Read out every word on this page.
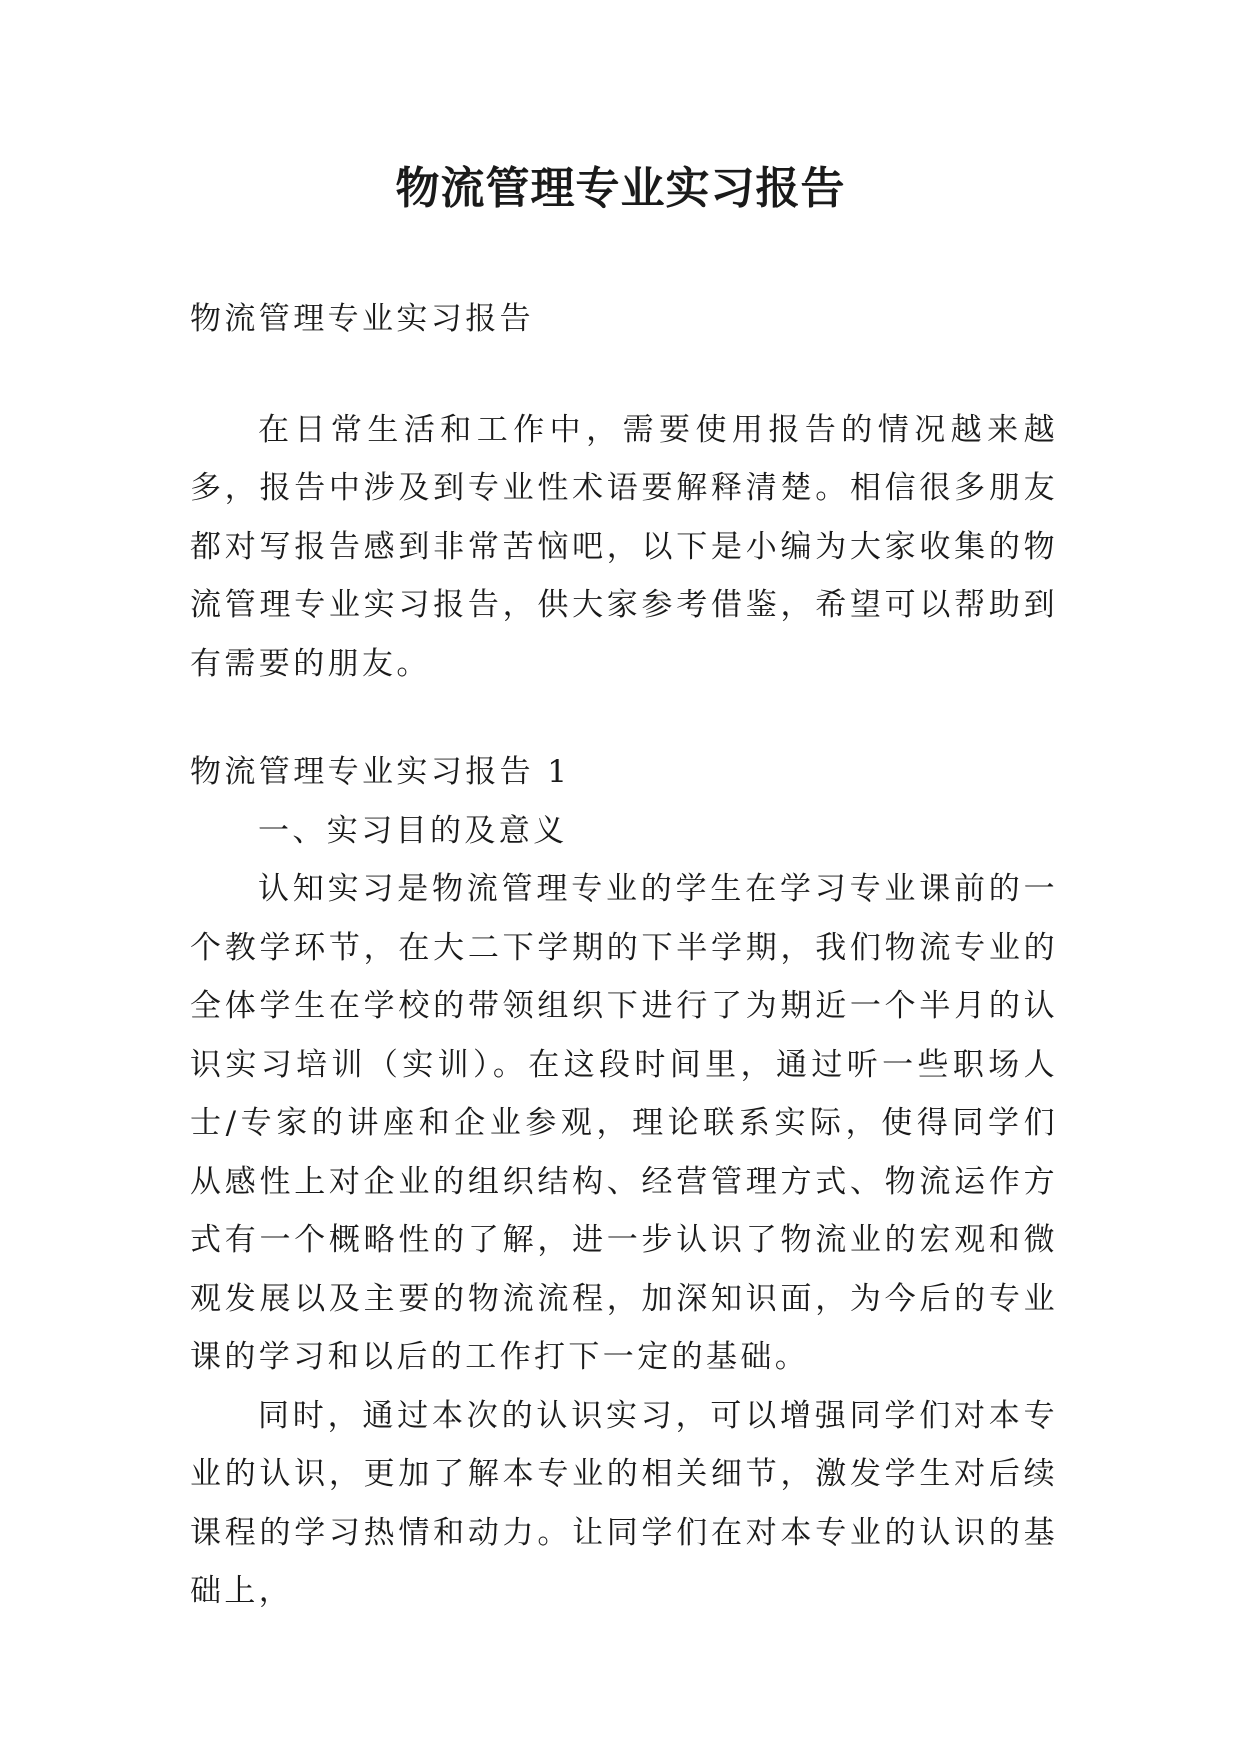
物流管理专业实习报告

物流管理专业实习报告

在日常生活和工作中，需要使用报告的情况越来越多，报告中涉及到专业性术语要解释清楚。相信很多朋友都对写报告感到非常苦恼吧，以下是小编为大家收集的物流管理专业实习报告，供大家参考借鉴，希望可以帮助到有需要的朋友。

物流管理专业实习报告 1

一、实习目的及意义

认知实习是物流管理专业的学生在学习专业课前的一个教学环节，在大二下学期的下半学期，我们物流专业的全体学生在学校的带领组织下进行了为期近一个半月的认识实习培训（实训）。在这段时间里，通过听一些职场人士/专家的讲座和企业参观，理论联系实际，使得同学们从感性上对企业的组织结构、经营管理方式、物流运作方式有一个概略性的了解，进一步认识了物流业的宏观和微观发展以及主要的物流流程，加深知识面，为今后的专业课的学习和以后的工作打下一定的基础。

同时，通过本次的认识实习，可以增强同学们对本专业的认识，更加了解本专业的相关细节，激发学生对后续课程的学习热情和动力。让同学们在对本专业的认识的基础上，
